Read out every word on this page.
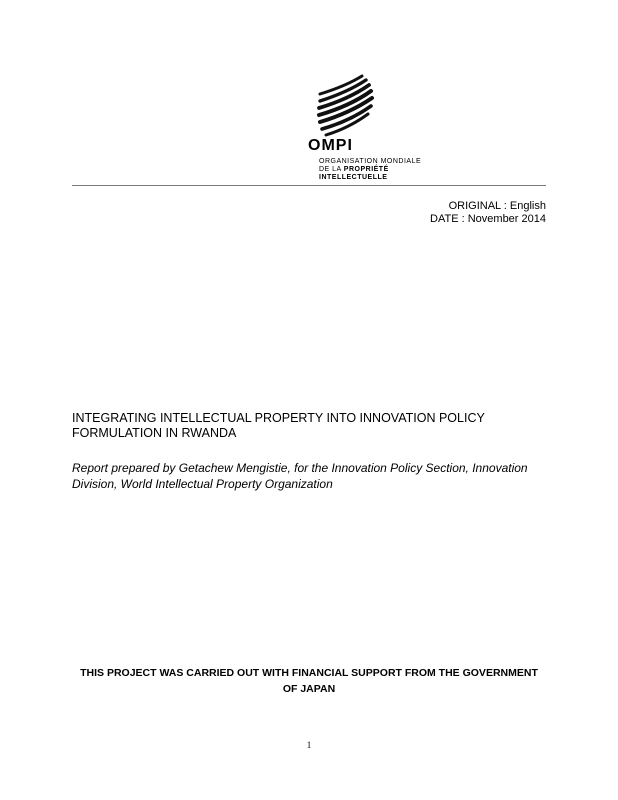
OMPI
ORGANISATION MONDIALE
DE LA PROPRIÉTÉ
INTELLECTUELLE
ORIGINAL : English
DATE : November 2014
INTEGRATING INTELLECTUAL PROPERTY INTO INNOVATION POLICY FORMULATION IN RWANDA
Report prepared by Getachew Mengistie, for the Innovation Policy Section, Innovation Division, World Intellectual Property Organization
THIS PROJECT WAS CARRIED OUT WITH FINANCIAL SUPPORT FROM THE GOVERNMENT OF JAPAN
1
